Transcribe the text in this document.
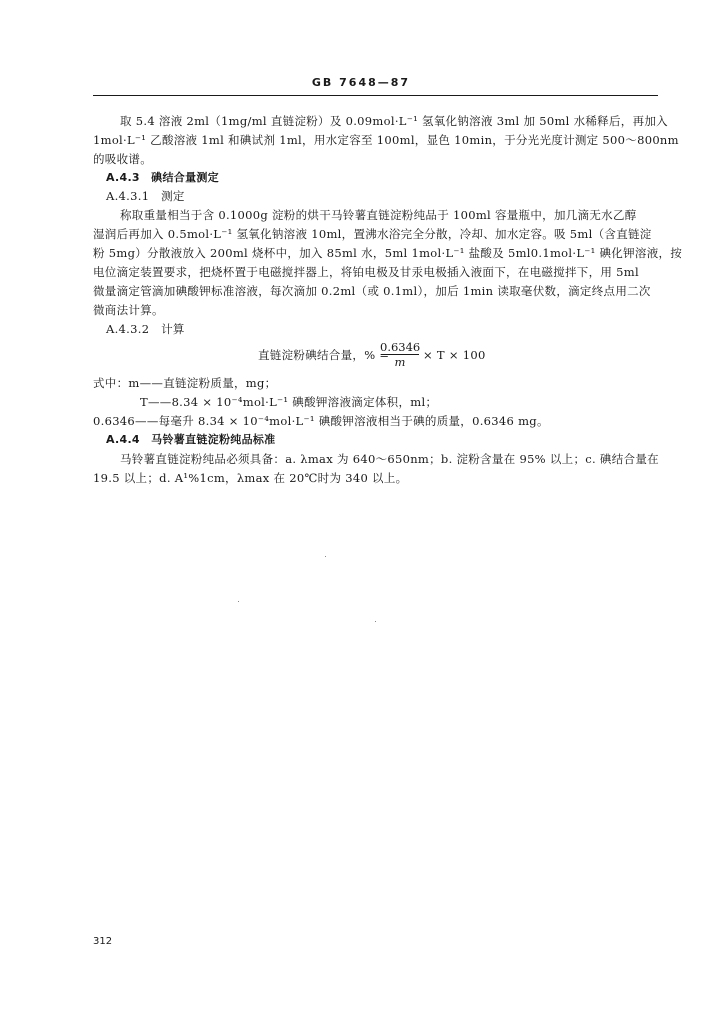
GB 7648—87
取 5.4 溶液 2ml（1mg/ml 直链淀粉）及 0.09mol·L⁻¹ 氢氧化钠溶液 3ml 加 50ml 水稀释后，再加入
1mol·L⁻¹ 乙酸溶液 1ml 和碘试剂 1ml，用水定容至 100ml，显色 10min，于分光光度计测定 500～800nm
的吸收谱。
A.4.3　碘结合量测定
A.4.3.1　测定
称取重量相当于含 0.1000g 淀粉的烘干马铃薯直链淀粉纯品于 100ml 容量瓶中，加几滴无水乙醇
湿润后再加入 0.5mol·L⁻¹ 氢氧化钠溶液 10ml，置沸水浴完全分散，冷却、加水定容。吸 5ml（含直链淀
粉 5mg）分散液放入 200ml 烧杯中，加入 85ml 水，5ml 1mol·L⁻¹ 盐酸及 5ml0.1mol·L⁻¹ 碘化钾溶液，按
电位滴定装置要求，把烧杯置于电磁搅拌器上，将铂电极及甘汞电极插入液面下，在电磁搅拌下，用 5ml
微量滴定管滴加碘酸钾标准溶液，每次滴加 0.2ml（或 0.1ml），加后 1min 读取毫伏数，滴定终点用二次
微商法计算。
A.4.3.2　计算
直链淀粉碘结合量，% =
0.6346
m	× T × 100
式中：m——直链淀粉质量，mg；
T——8.34 × 10⁻⁴mol·L⁻¹ 碘酸钾溶液滴定体积，ml；
0.6346——每毫升 8.34 × 10⁻⁴mol·L⁻¹ 碘酸钾溶液相当于碘的质量，0.6346 mg。
A.4.4　马铃薯直链淀粉纯品标准
马铃薯直链淀粉纯品必须具备：a. λmax 为 640～650nm；b. 淀粉含量在 95% 以上；c. 碘结合量在
19.5 以上；d. A¹%1cm，λmax 在 20℃时为 340 以上。
312
